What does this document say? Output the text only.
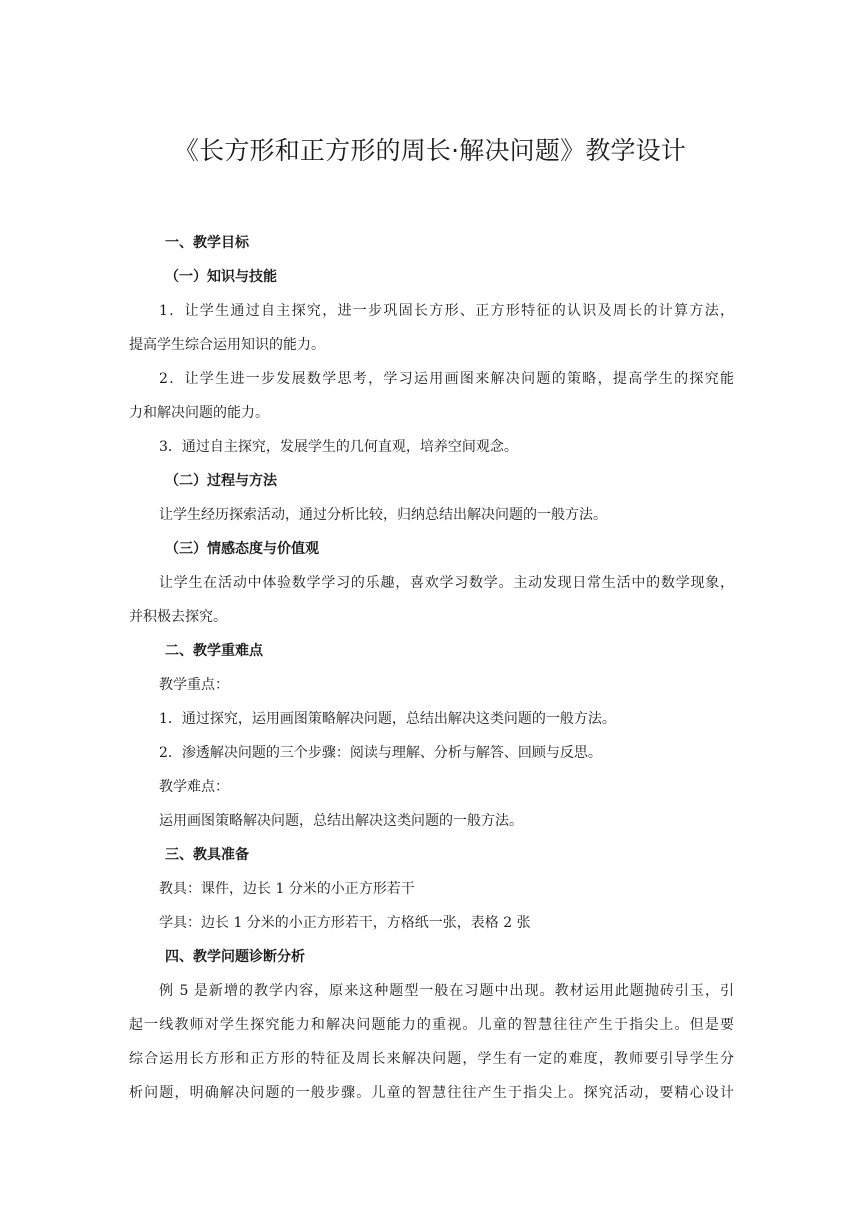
《长方形和正方形的周长·解决问题》教学设计

一、教学目标

（一）知识与技能

1．让学生通过自主探究，进一步巩固长方形、正方形特征的认识及周长的计算方法，

提高学生综合运用知识的能力。

2．让学生进一步发展数学思考，学习运用画图来解决问题的策略，提高学生的探究能

力和解决问题的能力。

3．通过自主探究，发展学生的几何直观，培养空间观念。

（二）过程与方法

让学生经历探索活动，通过分析比较，归纳总结出解决问题的一般方法。

（三）情感态度与价值观

让学生在活动中体验数学学习的乐趣，喜欢学习数学。主动发现日常生活中的数学现象，

并积极去探究。

二、教学重难点

教学重点：

1．通过探究，运用画图策略解决问题，总结出解决这类问题的一般方法。

2．渗透解决问题的三个步骤：阅读与理解、分析与解答、回顾与反思。

教学难点：

运用画图策略解决问题，总结出解决这类问题的一般方法。

三、教具准备

教具：课件，边长 1 分米的小正方形若干

学具：边长 1 分米的小正方形若干，方格纸一张，表格 2 张

四、教学问题诊断分析

例 5 是新增的教学内容，原来这种题型一般在习题中出现。教材运用此题抛砖引玉，引

起一线教师对学生探究能力和解决问题能力的重视。儿童的智慧往往产生于指尖上。但是要

综合运用长方形和正方形的特征及周长来解决问题，学生有一定的难度，教师要引导学生分

析问题，明确解决问题的一般步骤。儿童的智慧往往产生于指尖上。探究活动，要精心设计
